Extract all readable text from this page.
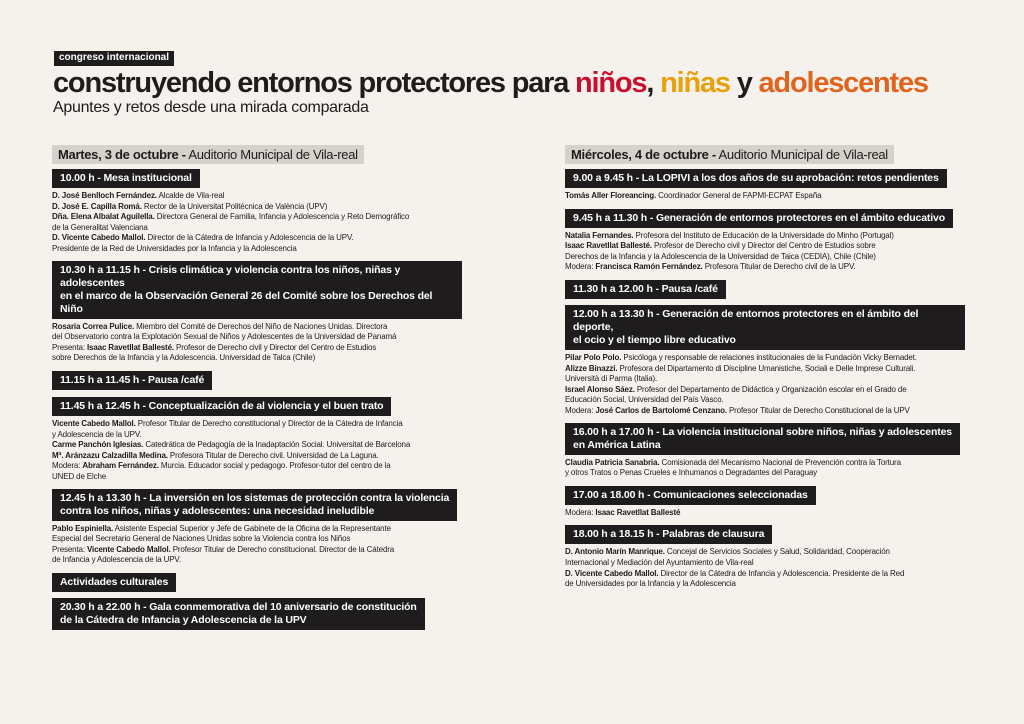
congreso internacional
construyendo entornos protectores para niños, niñas y adolescentes
Apuntes y retos desde una mirada comparada
Martes, 3 de octubre - Auditorio Municipal de Vila-real
10.00 h - Mesa institucional

D. José Benlloch Fernández. Alcalde de Vila-real

D. José E. Capilla Romá. Rector de la Universitat Politècnica de València (UPV)

Dña. Elena Albalat Aguilella. Directora General de Familia, Infancia y Adolescencia y Reto Demográfico

de la Generalitat Valenciana

D. Vicente Cabedo Mallol. Director de la Cátedra de Infancia y Adolescencia de la UPV.

Presidente de la Red de Universidades por la Infancia y la Adolescencia

10.30 h a 11.15 h - Crisis climática y violencia contra los niños, niñas y adolescentes
en el marco de la Observación General 26 del Comité sobre los Derechos del Niño

Rosaria Correa Pulice. Miembro del Comité de Derechos del Niño de Naciones Unidas. Directora

del Observatorio contra la Explotación Sexual de Niños y Adolescentes de la Universidad de Panamá

Presenta: Isaac Ravetllat Ballesté. Profesor de Derecho civil y Director del Centro de Estudios

sobre Derechos de la Infancia y la Adolescencia. Universidad de Talca (Chile)

11.15 h a 11.45 h - Pausa /café
11.45 h a 12.45 h - Conceptualización de al violencia y el buen trato

Vicente Cabedo Mallol. Profesor Titular de Derecho constitucional y Director de la Cátedra de Infancia

y Adolescencia de la UPV.

Carme Panchón Iglesias. Catedrática de Pedagogía de la Inadaptación Social. Universitat de Barcelona

Mª. Aránzazu Calzadilla Medina. Profesora Titular de Derecho civil. Universidad de La Laguna.

Modera: Abraham Fernández. Murcia. Educador social y pedagogo. Profesor-tutor del centro de la

UNED de Elche

12.45 h a 13.30 h - La inversión en los sistemas de protección contra la violencia
contra los niños, niñas y adolescentes: una necesidad ineludible

Pablo Espiniella. Asistente Especial Superior y Jefe de Gabinete de la Oficina de la Representante

Especial del Secretario General de Naciones Unidas sobre la Violencia contra los Niños

Presenta: Vicente Cabedo Mallol. Profesor Titular de Derecho constitucional. Director de la Cátedra

de Infancia y Adolescencia de la UPV.

Actividades culturales
20.30 h a 22.00 h - Gala conmemorativa del 10 aniversario de constitución
de la Cátedra de Infancia y Adolescencia de la UPV
Miércoles, 4 de octubre - Auditorio Municipal de Vila-real
9.00 a 9.45 h - La LOPIVI a los dos años de su aprobación: retos pendientes

Tomás Aller Floreancing. Coordinador General de FAPMI-ECPAT España

9.45 h a 11.30 h - Generación de entornos protectores en el ámbito educativo

Natalia Fernandes. Profesora del Instituto de Educación de la Universidade do Minho (Portugal)

Isaac Ravetllat Ballesté. Profesor de Derecho civil y Director del Centro de Estudios sobre

Derechos de la Infancia y la Adolescencia de la Universidad de Taica (CEDIA), Chile (Chile)

Modera: Francisca Ramón Fernández. Profesora Titular de Derecho civil de la UPV.

11.30 h a 12.00 h - Pausa /café
12.00 h a 13.30 h - Generación de entornos protectores en el ámbito del deporte,
el ocio y el tiempo libre educativo

Pilar Polo Polo. Psicóloga y responsable de relaciones institucionales de la Fundación Vicky Bernadet.

Alizze Binazzi. Profesora del Dipartamento di Discipline Umanistiche, Sociali e Delle Imprese Culturali.

Università di Parma (Italia).

Israel Alonso Sáez. Profesor del Departamento de Didáctica y Organización escolar en el Grado de

Educación Social, Universidad del País Vasco.

Modera: José Carlos de Bartolomé Cenzano. Profesor Titular de Derecho Constitucional de la UPV

16.00 h a 17.00 h - La violencia institucional sobre niños, niñas y adolescentes
en América Latina

Claudia Patricia Sanabria. Comisionada del Mecanismo Nacional de Prevención contra la Tortura

y otros Tratos o Penas Crueles e Inhumanos o Degradantes del Paraguay

17.00 a 18.00 h - Comunicaciones seleccionadas

Modera: Isaac Ravetllat Ballesté

18.00 h a 18.15 h - Palabras de clausura

D. Antonio Marín Manrique. Concejal de Servicios Sociales y Salud, Solidaridad, Cooperación

Internacional y Mediación del Ayuntamiento de Vila-real

D. Vicente Cabedo Mallol. Director de la Cátedra de Infancia y Adolescencia. Presidente de la Red

de Universidades por la Infancia y la Adolescencia
